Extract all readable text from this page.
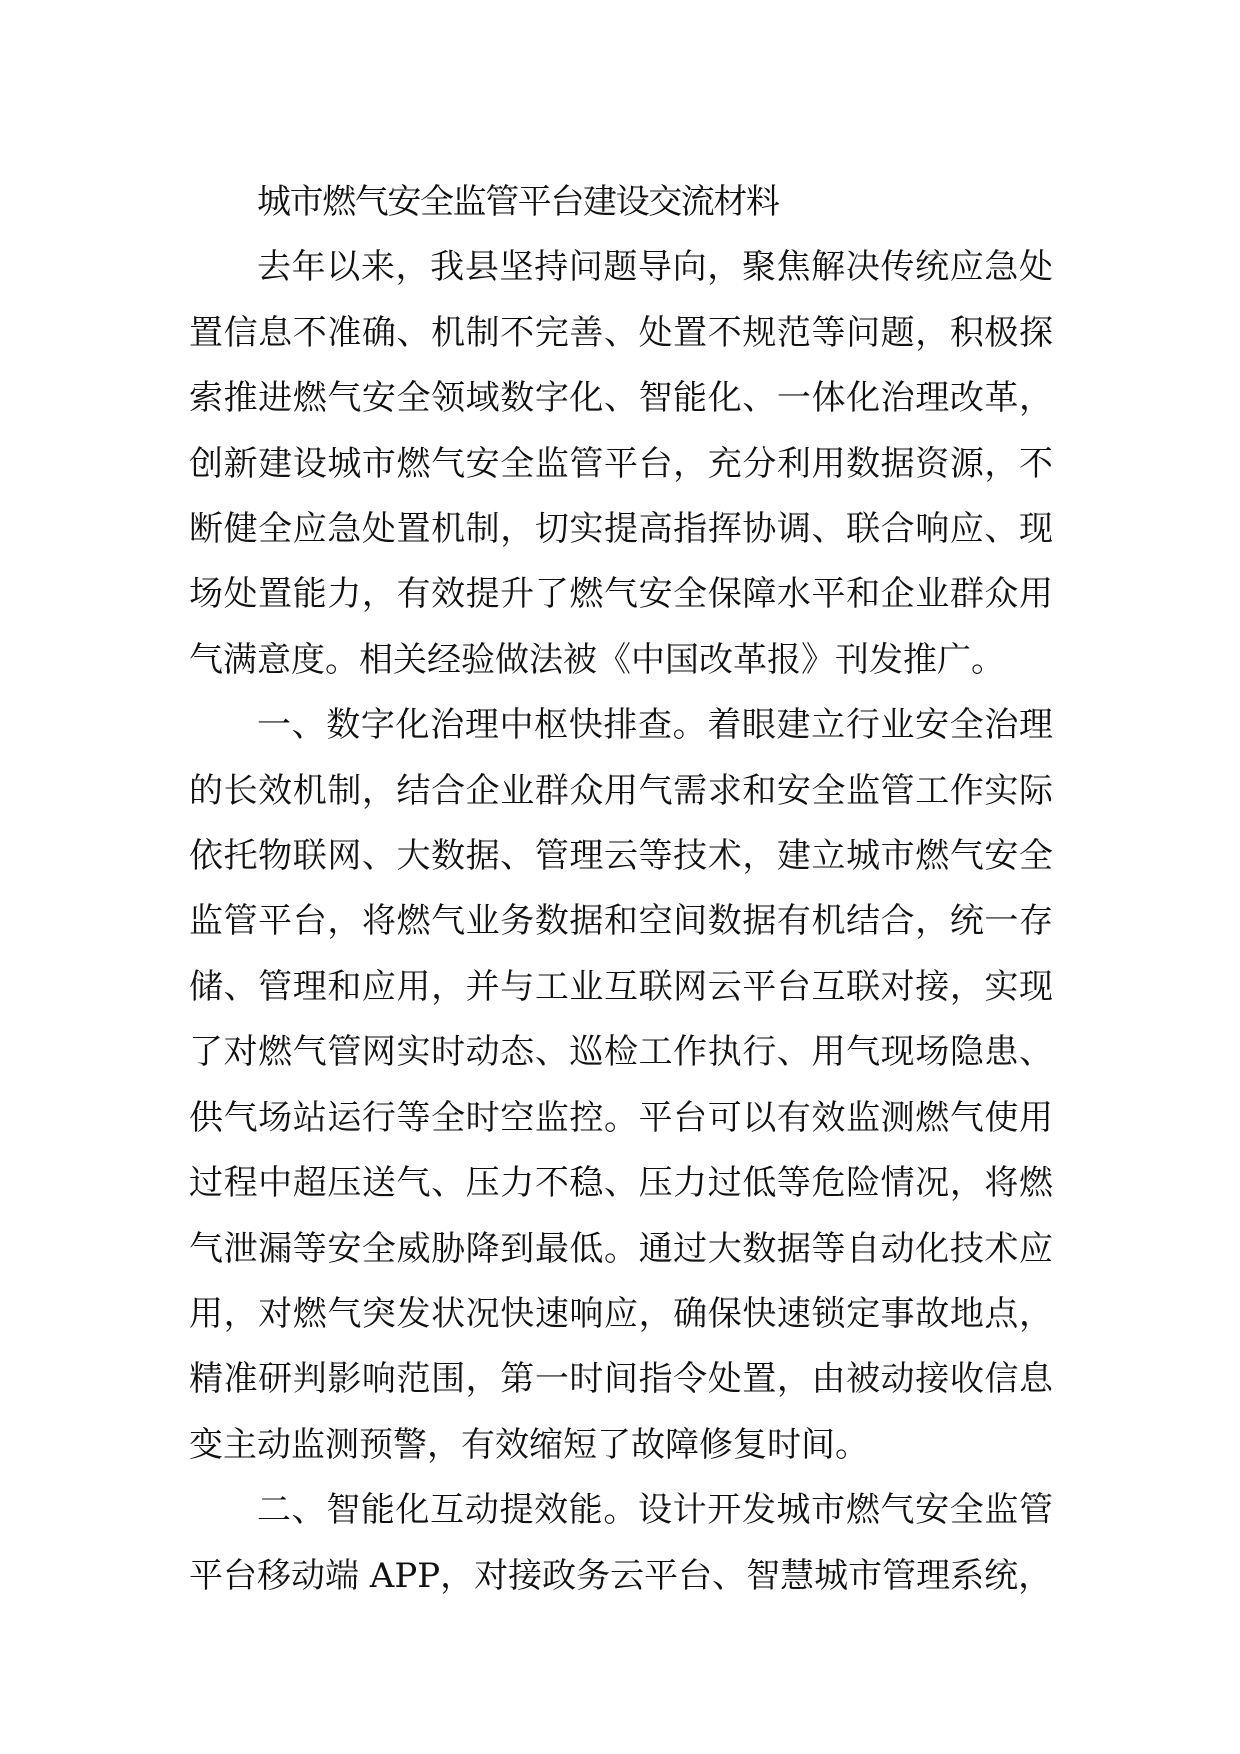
城市燃气安全监管平台建设交流材料

去年以来，我县坚持问题导向，聚焦解决传统应急处置信息不准确、机制不完善、处置不规范等问题，积极探索推进燃气安全领域数字化、智能化、一体化治理改革，创新建设城市燃气安全监管平台，充分利用数据资源，不断健全应急处置机制，切实提高指挥协调、联合响应、现场处置能力，有效提升了燃气安全保障水平和企业群众用气满意度。相关经验做法被《中国改革报》刊发推广。

一、数字化治理中枢快排查。着眼建立行业安全治理的长效机制，结合企业群众用气需求和安全监管工作实际依托物联网、大数据、管理云等技术，建立城市燃气安全监管平台，将燃气业务数据和空间数据有机结合，统一存储、管理和应用，并与工业互联网云平台互联对接，实现了对燃气管网实时动态、巡检工作执行、用气现场隐患、供气场站运行等全时空监控。平台可以有效监测燃气使用过程中超压送气、压力不稳、压力过低等危险情况，将燃气泄漏等安全威胁降到最低。通过大数据等自动化技术应用，对燃气突发状况快速响应，确保快速锁定事故地点，精准研判影响范围，第一时间指令处置，由被动接收信息变主动监测预警，有效缩短了故障修复时间。

二、智能化互动提效能。设计开发城市燃气安全监管平台移动端 APP，对接政务云平台、智慧城市管理系统，
